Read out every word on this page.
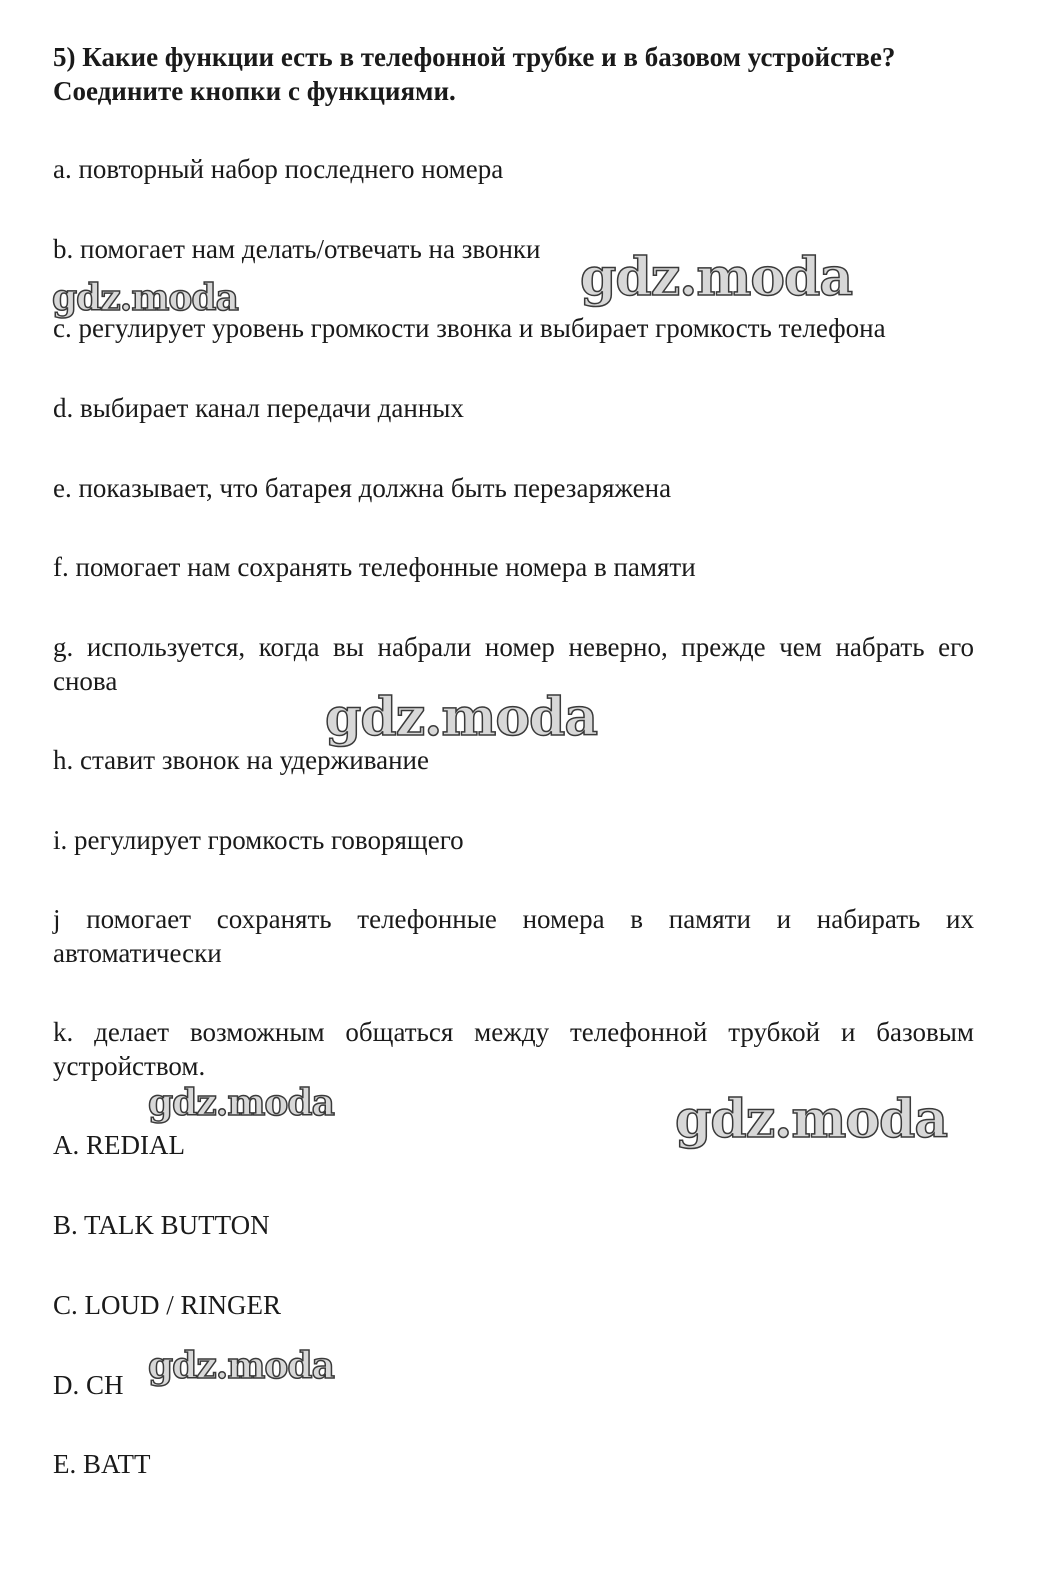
5) Какие функции есть в телефонной трубке и в базовом устройстве?
Соедините кнопки с функциями.

a. повторный набор последнего номера

b. помогает нам делать/отвечать на звонки

c. регулирует уровень громкости звонка и выбирает громкость телефона

d. выбирает канал передачи данных

e. показывает, что батарея должна быть перезаряжена

f. помогает нам сохранять телефонные номера в памяти

g. используется, когда вы набрали номер неверно, прежде чем набрать его снова

h. ставит звонок на удерживание

i. регулирует громкость говорящего

j помогает сохранять телефонные номера в памяти и набирать их автоматически

k. делает возможным общаться между телефонной трубкой и базовым устройством.

A. REDIAL

B. TALK BUTTON

C. LOUD / RINGER

D. CH

E. BATT

gdz.moda	gdz.moda
gdz.moda
gdz.moda	gdz.moda
gdz.moda
